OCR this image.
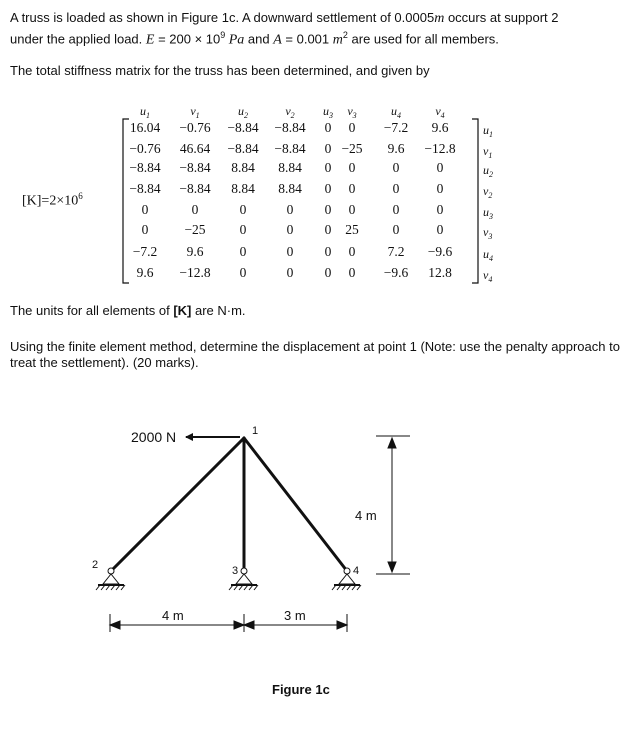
A truss is loaded as shown in Figure 1c. A downward settlement of 0.0005m occurs at support 2
under the applied load. $E = 200 \times 10^9$ Pa and A = 0.001 $m^2$ are used for all members.
The total stiffness matrix for the truss has been determined, and given by
$[K]=2\times 10^6$
$u_1$	$v_1$	$u_2$	$v_2$ $u_3$ $v_3$	$u_4$	$v_4$
$u_1$
$v_1$
$u_2$
$v_2$
$u_3$
$v_3$
$u_4$
$v_4$
16.04 −0.76 −8.84 −8.84 0 0 −7.2 9.6
−0.76 46.64 −8.84 −8.84 0 −25 9.6 −12.8
−8.84 −8.84 8.84 8.84 0 0	0	0
−8.84 −8.84 8.84 8.84 0 0	0	0
0	0	0	0 0 0	0	0
0	−25	0	0 0 25	0	0
−7.2 9.6	0	0 0 0 7.2 −9.6
9.6 −12.8 0	0 0 0 −9.6 12.8
The units for all elements of [K] are N·m.
Using the finite element method, determine the displacement at point 1 (Note: use the penalty approach to treat the settlement). (20 marks).
2000 N	1
2	3	4
4 m
4 m	3 m
Figure 1c
